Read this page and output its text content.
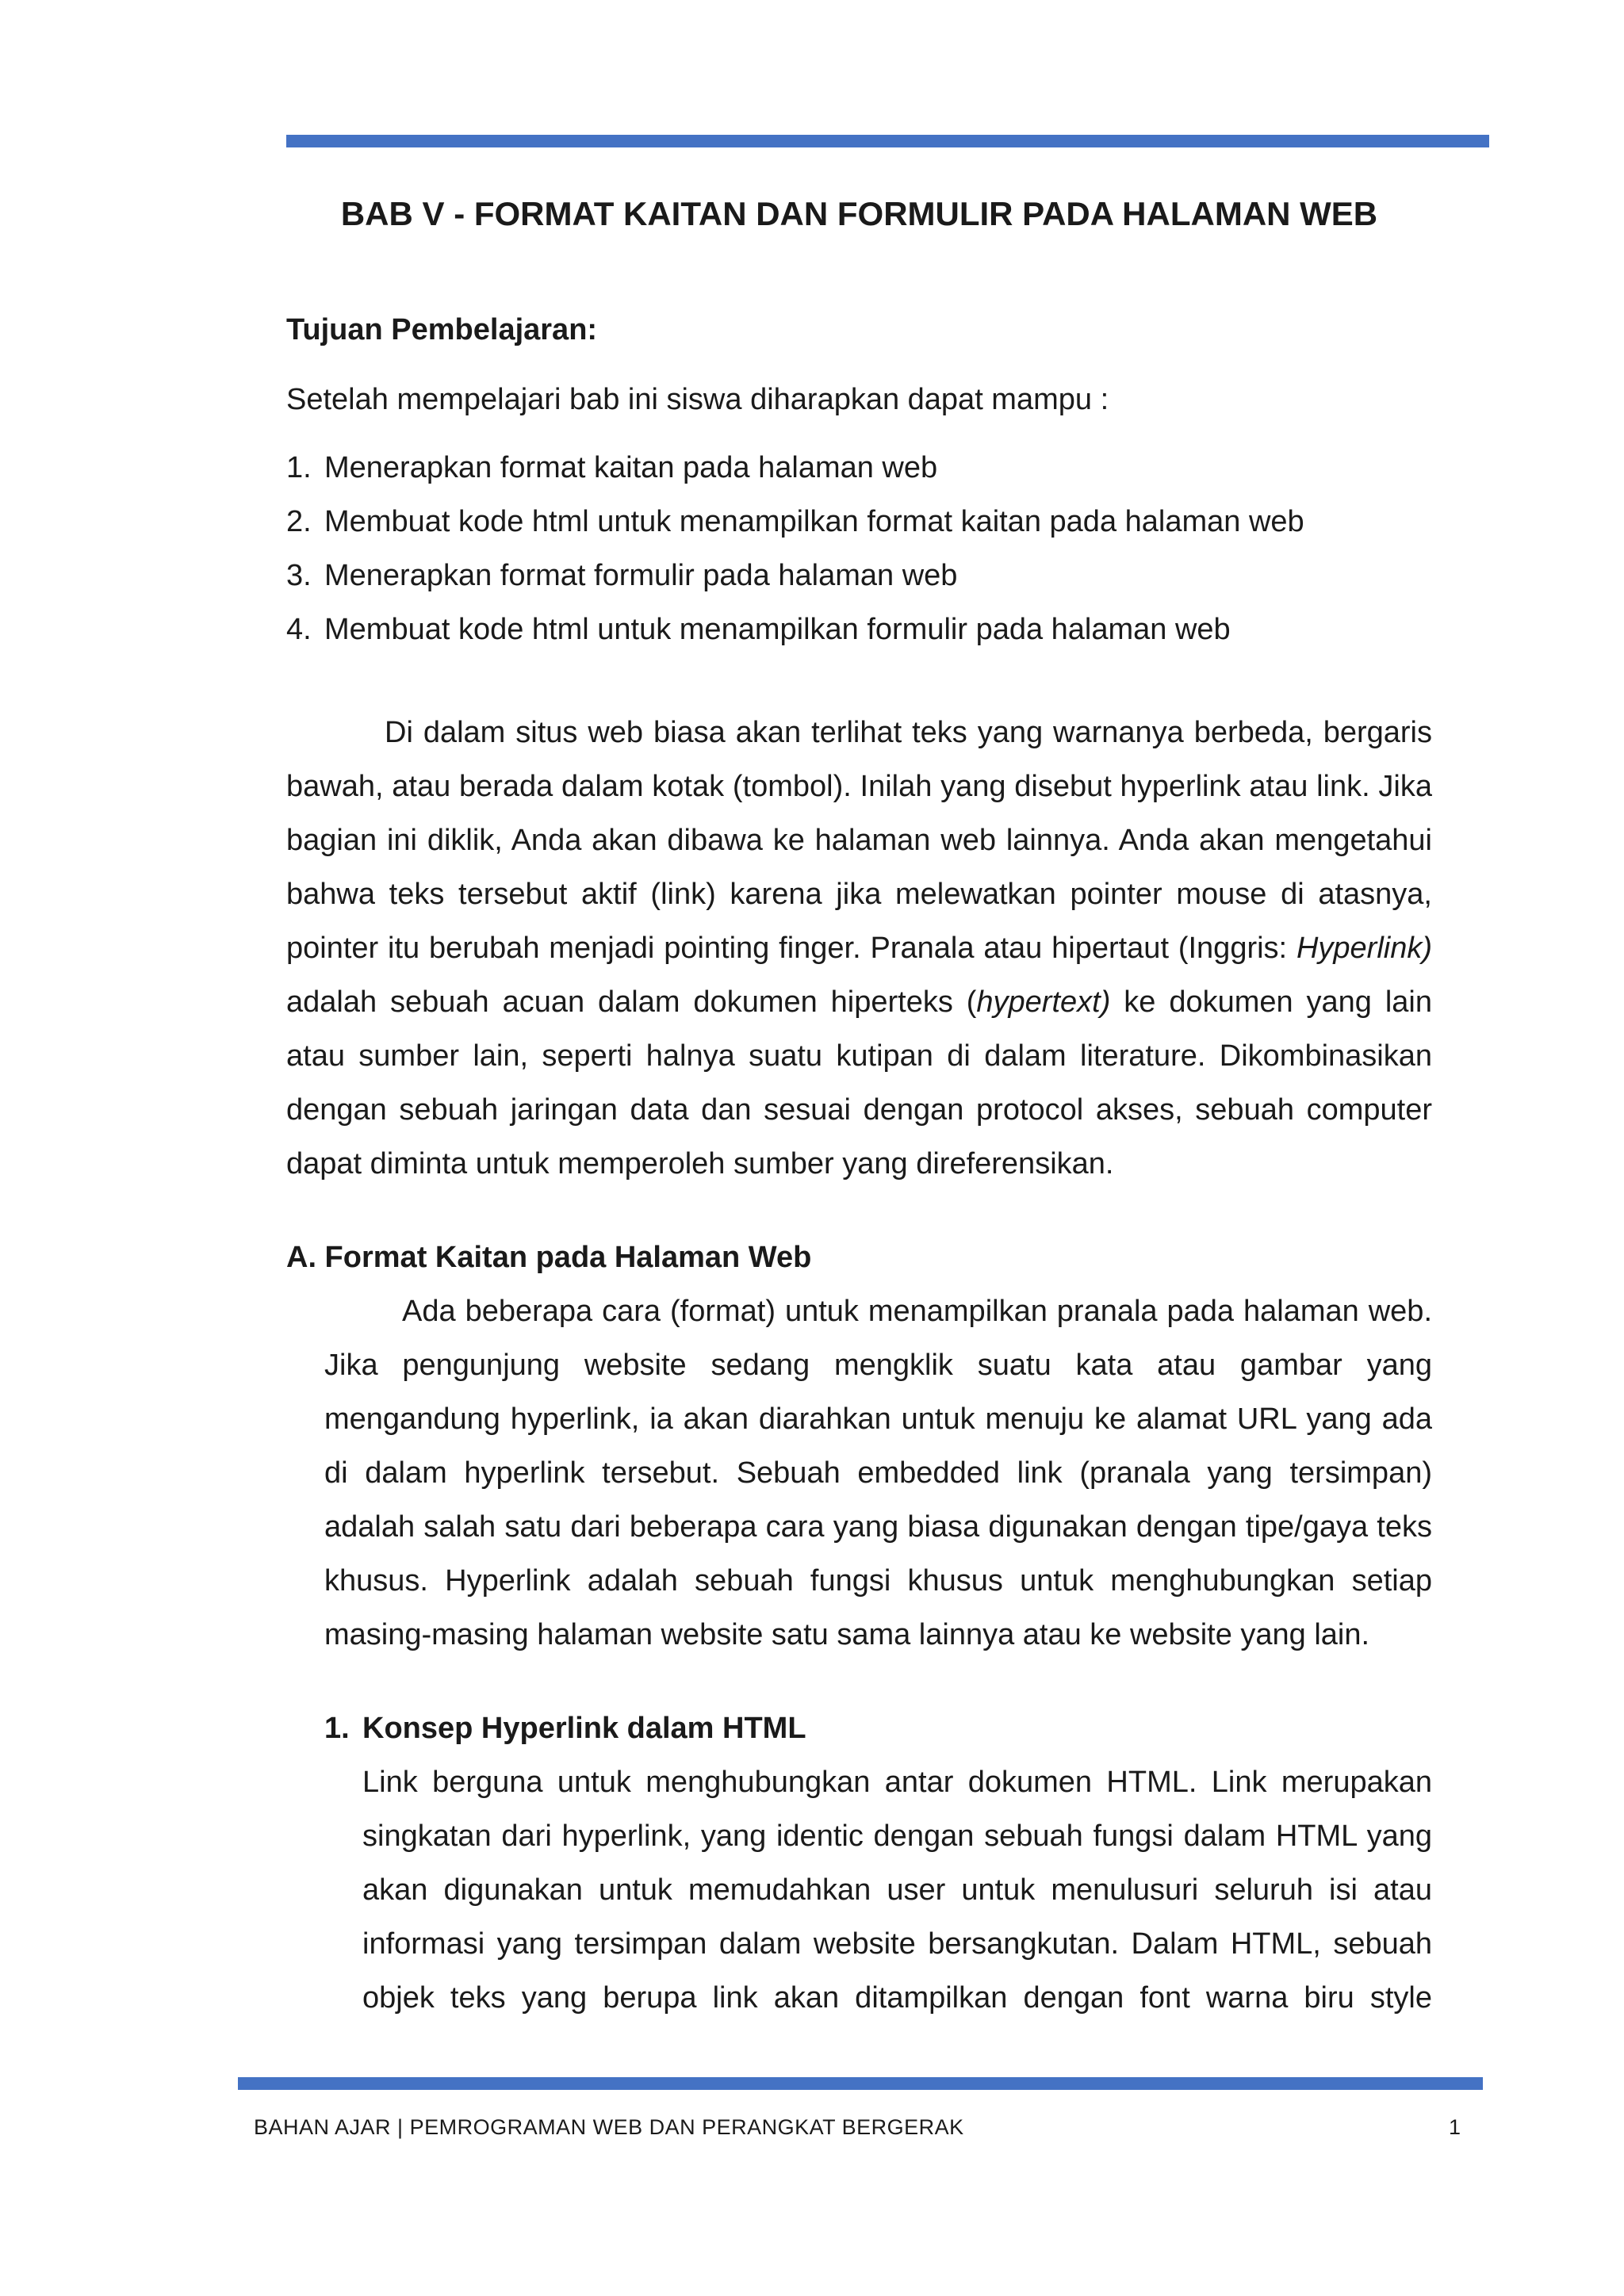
BAB V - FORMAT KAITAN DAN FORMULIR PADA HALAMAN WEB
Tujuan Pembelajaran:
Setelah mempelajari bab ini siswa diharapkan dapat mampu :
1. Menerapkan format kaitan pada halaman web
2. Membuat kode html untuk menampilkan format kaitan pada halaman web
3. Menerapkan format formulir pada halaman web
4. Membuat kode html untuk menampilkan formulir pada halaman web

Di dalam situs web biasa akan terlihat teks yang warnanya berbeda, bergaris bawah, atau berada dalam kotak (tombol). Inilah yang disebut hyperlink atau link. Jika bagian ini diklik, Anda akan dibawa ke halaman web lainnya. Anda akan mengetahui bahwa teks tersebut aktif (link) karena jika melewatkan pointer mouse di atasnya, pointer itu berubah menjadi pointing finger. Pranala atau hipertaut (Inggris: Hyperlink) adalah sebuah acuan dalam dokumen hiperteks (hypertext) ke dokumen yang lain atau sumber lain, seperti halnya suatu kutipan di dalam literature. Dikombinasikan dengan sebuah jaringan data dan sesuai dengan protocol akses, sebuah computer dapat diminta untuk memperoleh sumber yang direferensikan.

A. Format Kaitan pada Halaman Web

Ada beberapa cara (format) untuk menampilkan pranala pada halaman web. Jika pengunjung website sedang mengklik suatu kata atau gambar yang mengandung hyperlink, ia akan diarahkan untuk menuju ke alamat URL yang ada di dalam hyperlink tersebut. Sebuah embedded link (pranala yang tersimpan) adalah salah satu dari beberapa cara yang biasa digunakan dengan tipe/gaya teks khusus. Hyperlink adalah sebuah fungsi khusus untuk menghubungkan setiap masing-masing halaman website satu sama lainnya atau ke website yang lain.

1. Konsep Hyperlink dalam HTML

Link berguna untuk menghubungkan antar dokumen HTML. Link merupakan singkatan dari hyperlink, yang identic dengan sebuah fungsi dalam HTML yang akan digunakan untuk memudahkan user untuk menulusuri seluruh isi atau informasi yang tersimpan dalam website bersangkutan. Dalam HTML, sebuah objek teks yang berupa link akan ditampilkan dengan font warna biru style

BAHAN AJAR | PEMROGRAMAN WEB DAN PERANGKAT BERGERAK	1
